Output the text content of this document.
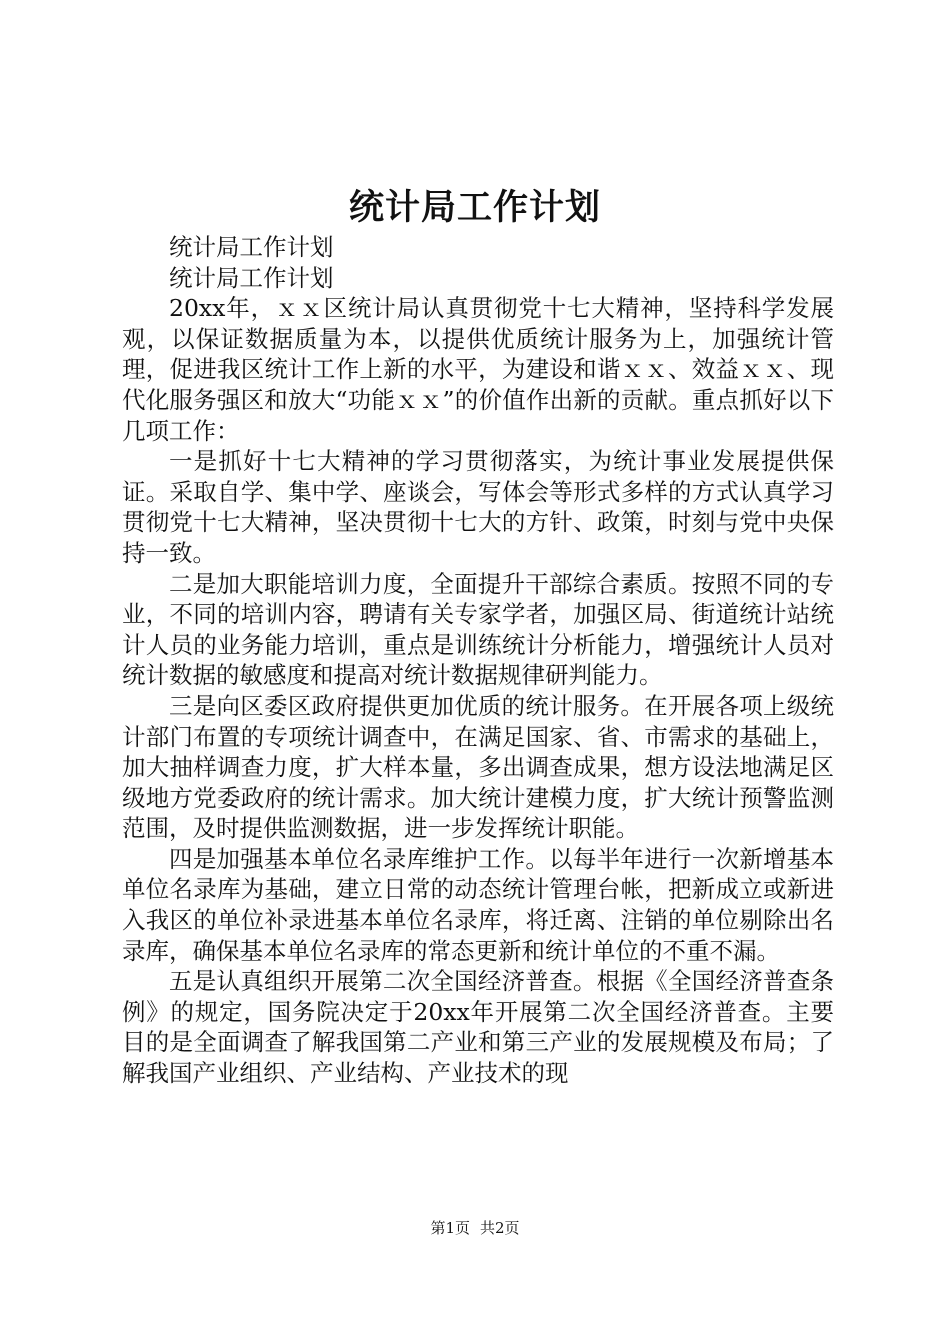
统计局工作计划

统计局工作计划

统计局工作计划

20xx年，ｘｘ区统计局认真贯彻党十七大精神，坚持科学发展观，以保证数据质量为本，以提供优质统计服务为上，加强统计管理，促进我区统计工作上新的水平，为建设和谐ｘｘ、效益ｘｘ、现代化服务强区和放大“功能ｘｘ”的价值作出新的贡献。重点抓好以下几项工作：

一是抓好十七大精神的学习贯彻落实，为统计事业发展提供保证。采取自学、集中学、座谈会，写体会等形式多样的方式认真学习贯彻党十七大精神，坚决贯彻十七大的方针、政策，时刻与党中央保持一致。

二是加大职能培训力度，全面提升干部综合素质。按照不同的专业，不同的培训内容，聘请有关专家学者，加强区局、街道统计站统计人员的业务能力培训，重点是训练统计分析能力，增强统计人员对统计数据的敏感度和提高对统计数据规律研判能力。

三是向区委区政府提供更加优质的统计服务。在开展各项上级统计部门布置的专项统计调查中，在满足国家、省、市需求的基础上，加大抽样调查力度，扩大样本量，多出调查成果，想方设法地满足区级地方党委政府的统计需求。加大统计建模力度，扩大统计预警监测范围，及时提供监测数据，进一步发挥统计职能。

四是加强基本单位名录库维护工作。以每半年进行一次新增基本单位名录库为基础，建立日常的动态统计管理台帐，把新成立或新进入我区的单位补录进基本单位名录库，将迁离、注销的单位剔除出名录库，确保基本单位名录库的常态更新和统计单位的不重不漏。

五是认真组织开展第二次全国经济普查。根据《全国经济普查条例》的规定，国务院决定于20xx年开展第二次全国经济普查。主要目的是全面调查了解我国第二产业和第三产业的发展规模及布局；了解我国产业组织、产业结构、产业技术的现

第1页 共2页
